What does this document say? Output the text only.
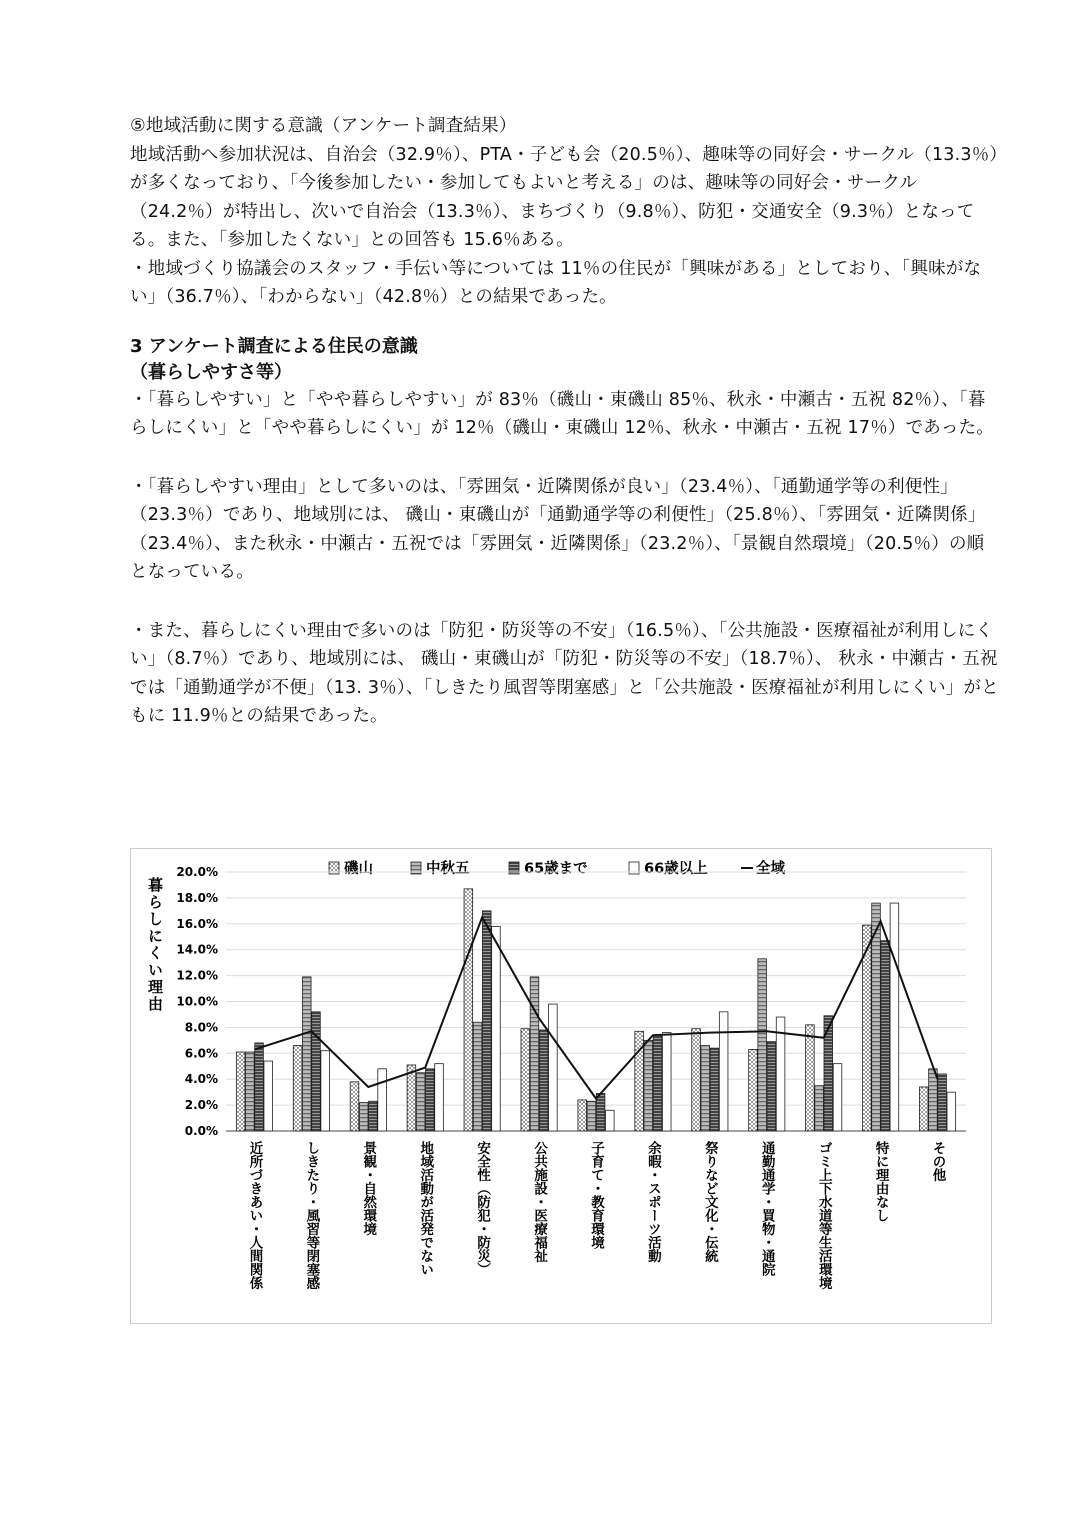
⑤地域活動に関する意識（アンケート調査結果）

地域活動へ参加状況は、自治会（32.9％）、PTA・子ども会（20.5％）、趣味等の同好会・サークル（13.3％）が多くなっており、「今後参加したい・参加してもよいと考える」のは、趣味等の同好会・サークル（24.2％）が特出し、次いで自治会（13.3％）、まちづくり（9.8％）、防犯・交通安全（9.3％）となってる。また、「参加したくない」との回答も 15.6％ある。

・地域づくり協議会のスタッフ・手伝い等については 11％の住民が「興味がある」としており、「興味がない」（36.7％）、「わからない」（42.8％）との結果であった。

3 アンケート調査による住民の意識

（暮らしやすさ等）

・「暮らしやすい」と「やや暮らしやすい」が 83％（磯山・東磯山 85％、秋永・中瀬古・五祝 82％）、「暮らしにくい」と「やや暮らしにくい」が 12％（磯山・東磯山 12％、秋永・中瀬古・五祝 17％）であった。

・「暮らしやすい理由」として多いのは、「雰囲気・近隣関係が良い」（23.4％）、「通勤通学等の利便性」（23.3％）であり、地域別には、 磯山・東磯山が「通勤通学等の利便性」（25.8％）、「雰囲気・近隣関係」（23.4％）、また秋永・中瀬古・五祝では「雰囲気・近隣関係」（23.2％）、「景観自然環境」（20.5％）の順となっている。

・また、暮らしにくい理由で多いのは「防犯・防災等の不安」（16.5％）、「公共施設・医療福祉が利用しにくい」（8.7％）であり、地域別には、 磯山・東磯山が「防犯・防災等の不安」（18.7％）、 秋永・中瀬古・五祝では「通勤通学が不便」（13. 3％）、「しきたり風習等閉塞感」と「公共施設・医療福祉が利用しにくい」がともに 11.9％との結果であった。

暮らしにくい理由
磯山	中秋五	65歳まで	66歳以上	全域
0.0%
2.0%
4.0%
6.0%
8.0%
10.0%
12.0%
14.0%
16.0%
18.0%
20.0%
近所づきあい・人間関係	しきたり・風習等閉塞感	景観・自然環境	地域活動が活発でない	安全性（防犯・防災）	公共施設・医療福祉	子育て・教育環境	余暇・スポーツ活動	祭りなど文化・伝統	通勤通学・買物・通院	ゴミ上下水道等生活環境	特に理由なし	その他
